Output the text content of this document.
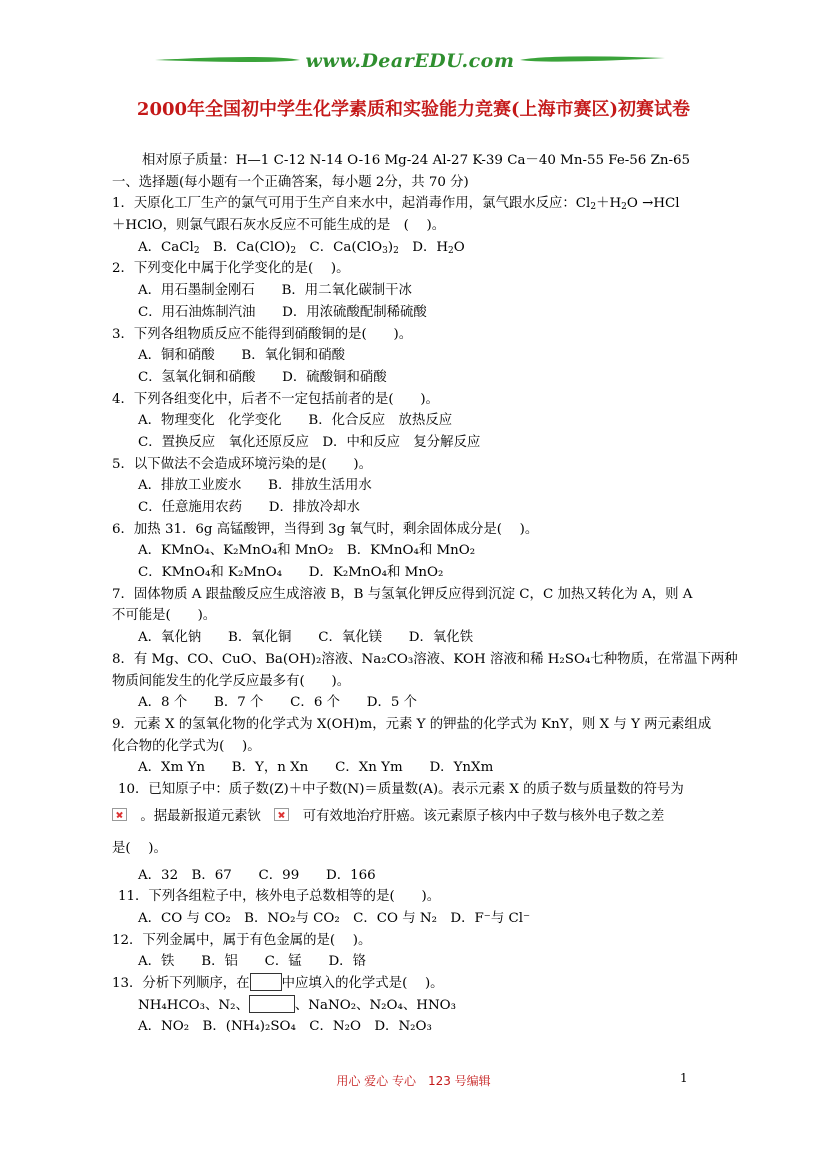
www.DearEDU.com
2000年全国初中学生化学素质和实验能力竞赛(上海市赛区)初赛试卷
相对原子质量：H—1 C-12 N-14 O-16 Mg-24 Al-27 K-39 Ca－40 Mn-55 Fe-56 Zn-65
一、选择题(每小题有一个正确答案，每小题 2分，共 70 分)
1．天原化工厂生产的氯气可用于生产自来水中，起消毒作用，氯气跟水反应：$Cl_2+H_2O \to HCl$
＋HClO，则氯气跟石灰水反应不可能生成的是　(　 )。
A．CaCl$_2$　B．$Ca(ClO)_2$　C．$Ca(ClO_3)_2$　D．$H_2O$
2．下列变化中属于化学变化的是(　 )。
A．用石墨制金刚石　　B．用二氧化碳制干冰
C．用石油炼制汽油　　D．用浓硫酸配制稀硫酸
3．下列各组物质反应不能得到硝酸铜的是(　　)。
A．铜和硝酸　　B．氧化铜和硝酸
C．氢氧化铜和硝酸　　D．硫酸铜和硝酸
4．下列各组变化中，后者不一定包括前者的是(　　)。
A．物理变化　化学变化　　B．化合反应　放热反应
C．置换反应　氧化还原反应　D．中和反应　复分解反应
5．以下做法不会造成环境污染的是(　　)。
A．排放工业废水　　B．排放生活用水
C．任意施用农药　　D．排放冷却水
6．加热 31．6g 高锰酸钾，当得到 3g 氧气时，剩余固体成分是(　 )。
A．KMnO₄、K₂MnO₄和 MnO₂　B．KMnO₄和 MnO₂
C．KMnO₄和 K₂MnO₄　　D．K₂MnO₄和 MnO₂
7．固体物质 A 跟盐酸反应生成溶液 B，B 与氢氧化钾反应得到沉淀 C，C 加热又转化为 A，则 A
不可能是(　　)。
A．氧化钠　　B．氧化铜　　C．氧化镁　　D．氧化铁
8．有 Mg、CO、CuO、Ba(OH)₂溶液、Na₂CO₃溶液、KOH 溶液和稀 H₂SO₄七种物质，在常温下两种
物质间能发生的化学反应最多有(　　)。
A．8 个　　B．7 个　　C．6 个　　D．5 个
9．元素 X 的氢氧化物的化学式为 X(OH)m，元素 Y 的钾盐的化学式为 KnY，则 X 与 Y 两元素组成
化合物的化学式为(　 )。
A．Xm Yn　　B．Y，n Xn　　C．Xn Ym　　D．YnXm
10．已知原子中：质子数(Z)＋中子数(N)＝质量数(A)。表示元素 X 的质子数与质量数的符号为
　。据最新报道元素钬　　	可有效地治疗肝癌。该元素原子核内中子数与核外电子数之差
是(　 )。
A．32　B．67　　C．99　　D．166
11．下列各组粒子中，核外电子总数相等的是(　　)。
A．CO 与 CO₂　B．NO₂与 CO₂　C．CO 与 N₂　D．F⁻与 Cl⁻
12．下列金属中，属于有色金属的是(　 )。
A．铁　　B．铝　　C．锰　　D．铬
13．分析下列顺序，在 中应填入的化学式是(　 )。
NH₄HCO₃、N₂、	、NaNO₂、N₂O₄、HNO₃
A．NO₂　B．(NH₄)₂SO₄　C．N₂O　D．N₂O₃
用心 爱心 专心　123 号编辑	1
